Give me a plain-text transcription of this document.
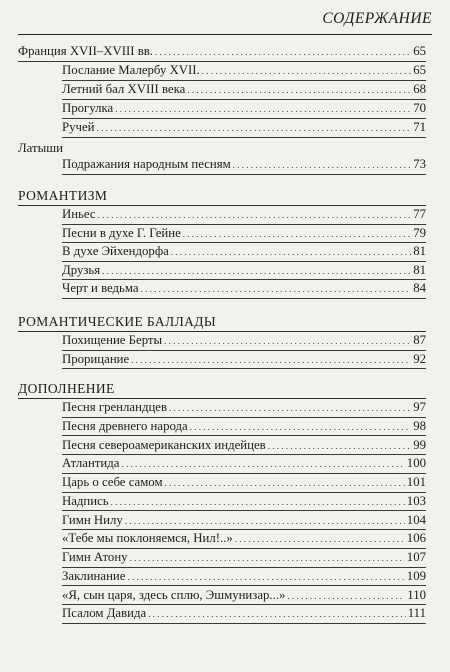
СОДЕРЖАНИЕ
Франция XVII–XVIII вв. . . .	65
Послание Малербу XVII. . . .	65
Летний бал XVIII века . . .	68
Прогулка . . .	70
Ручей . . .	71
Латыши
Подражания народным песням . . .	73
РОМАНТИЗМ
Иньес . . .	77
Песни в духе Г. Гейне . . .	79
В духе Эйхендорфа . . .	81
Друзья . . .	81
Черт и ведьма . . .	84
РОМАНТИЧЕСКИЕ БАЛЛАДЫ
Похищение Берты . . .	87
Прорицание . . .	92
ДОПОЛНЕНИЕ
Песня гренландцев . . .	97
Песня древнего народа . . .	98
Песня североамериканских индейцев . . .	99
Атлантида . . .	100
Царь о себе самом . . .	101
Надпись . . .	103
Гимн Нилу . . .	104
«Тебе мы поклоняемся, Нил!..» . . .	106
Гимн Атону . . .	107
Заклинание . . .	109
«Я, сын царя, здесь сплю, Эшмунизар...» . . .	110
Псалом Давида . . .	111
